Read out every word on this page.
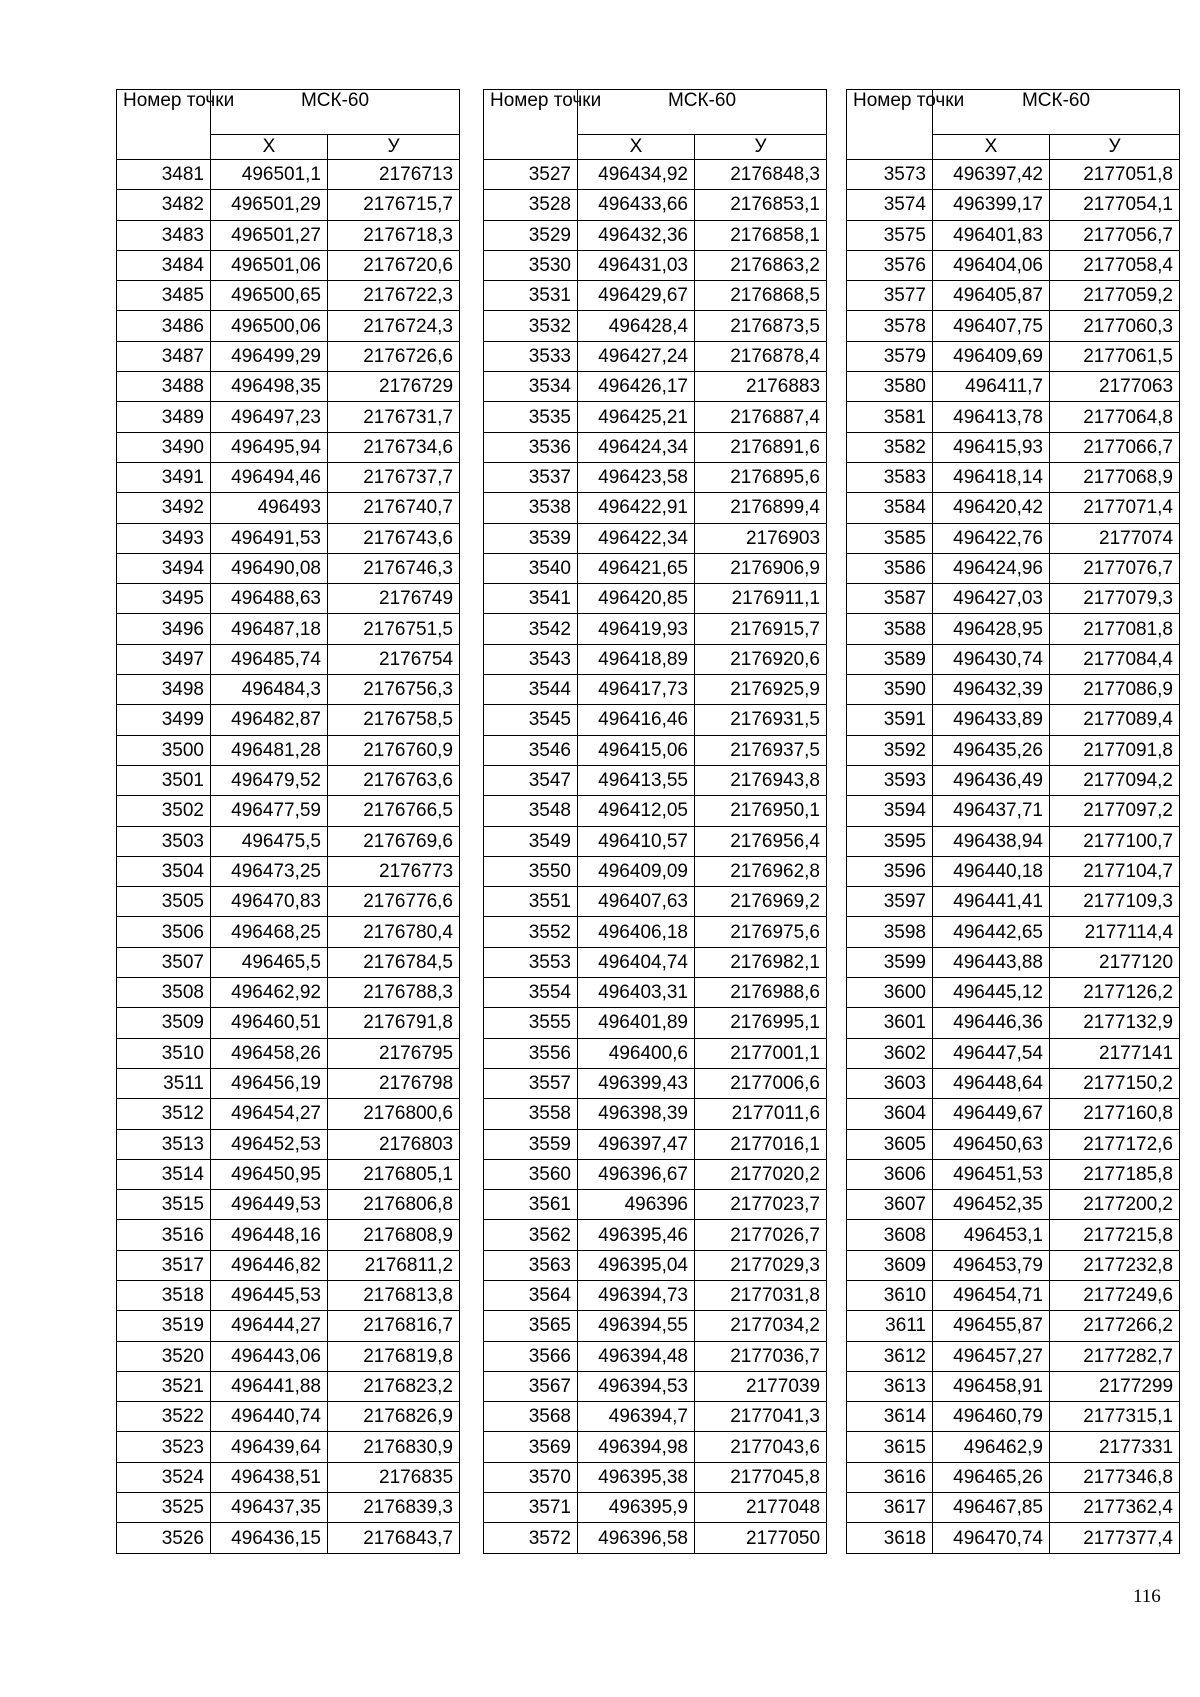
Номер точки	МСК-60	
	Х	У
3481	496501,1	2176713
3482	496501,29	2176715,7
3483	496501,27	2176718,3
3484	496501,06	2176720,6
3485	496500,65	2176722,3
3486	496500,06	2176724,3
3487	496499,29	2176726,6
3488	496498,35	2176729
3489	496497,23	2176731,7
3490	496495,94	2176734,6
3491	496494,46	2176737,7
3492	496493	2176740,7
3493	496491,53	2176743,6
3494	496490,08	2176746,3
3495	496488,63	2176749
3496	496487,18	2176751,5
3497	496485,74	2176754
3498	496484,3	2176756,3
3499	496482,87	2176758,5
3500	496481,28	2176760,9
3501	496479,52	2176763,6
3502	496477,59	2176766,5
3503	496475,5	2176769,6
3504	496473,25	2176773
3505	496470,83	2176776,6
3506	496468,25	2176780,4
3507	496465,5	2176784,5
3508	496462,92	2176788,3
3509	496460,51	2176791,8
3510	496458,26	2176795
3511	496456,19	2176798
3512	496454,27	2176800,6
3513	496452,53	2176803
3514	496450,95	2176805,1
3515	496449,53	2176806,8
3516	496448,16	2176808,9
3517	496446,82	2176811,2
3518	496445,53	2176813,8
3519	496444,27	2176816,7
3520	496443,06	2176819,8
3521	496441,88	2176823,2
3522	496440,74	2176826,9
3523	496439,64	2176830,9
3524	496438,51	2176835
3525	496437,35	2176839,3
3526	496436,15	2176843,7
Номер точки	МСК-60	
	Х	У
3527	496434,92	2176848,3
3528	496433,66	2176853,1
3529	496432,36	2176858,1
3530	496431,03	2176863,2
3531	496429,67	2176868,5
3532	496428,4	2176873,5
3533	496427,24	2176878,4
3534	496426,17	2176883
3535	496425,21	2176887,4
3536	496424,34	2176891,6
3537	496423,58	2176895,6
3538	496422,91	2176899,4
3539	496422,34	2176903
3540	496421,65	2176906,9
3541	496420,85	2176911,1
3542	496419,93	2176915,7
3543	496418,89	2176920,6
3544	496417,73	2176925,9
3545	496416,46	2176931,5
3546	496415,06	2176937,5
3547	496413,55	2176943,8
3548	496412,05	2176950,1
3549	496410,57	2176956,4
3550	496409,09	2176962,8
3551	496407,63	2176969,2
3552	496406,18	2176975,6
3553	496404,74	2176982,1
3554	496403,31	2176988,6
3555	496401,89	2176995,1
3556	496400,6	2177001,1
3557	496399,43	2177006,6
3558	496398,39	2177011,6
3559	496397,47	2177016,1
3560	496396,67	2177020,2
3561	496396	2177023,7
3562	496395,46	2177026,7
3563	496395,04	2177029,3
3564	496394,73	2177031,8
3565	496394,55	2177034,2
3566	496394,48	2177036,7
3567	496394,53	2177039
3568	496394,7	2177041,3
3569	496394,98	2177043,6
3570	496395,38	2177045,8
3571	496395,9	2177048
3572	496396,58	2177050
Номер точки	МСК-60	
	Х	У
3573	496397,42	2177051,8
3574	496399,17	2177054,1
3575	496401,83	2177056,7
3576	496404,06	2177058,4
3577	496405,87	2177059,2
3578	496407,75	2177060,3
3579	496409,69	2177061,5
3580	496411,7	2177063
3581	496413,78	2177064,8
3582	496415,93	2177066,7
3583	496418,14	2177068,9
3584	496420,42	2177071,4
3585	496422,76	2177074
3586	496424,96	2177076,7
3587	496427,03	2177079,3
3588	496428,95	2177081,8
3589	496430,74	2177084,4
3590	496432,39	2177086,9
3591	496433,89	2177089,4
3592	496435,26	2177091,8
3593	496436,49	2177094,2
3594	496437,71	2177097,2
3595	496438,94	2177100,7
3596	496440,18	2177104,7
3597	496441,41	2177109,3
3598	496442,65	2177114,4
3599	496443,88	2177120
3600	496445,12	2177126,2
3601	496446,36	2177132,9
3602	496447,54	2177141
3603	496448,64	2177150,2
3604	496449,67	2177160,8
3605	496450,63	2177172,6
3606	496451,53	2177185,8
3607	496452,35	2177200,2
3608	496453,1	2177215,8
3609	496453,79	2177232,8
3610	496454,71	2177249,6
3611	496455,87	2177266,2
3612	496457,27	2177282,7
3613	496458,91	2177299
3614	496460,79	2177315,1
3615	496462,9	2177331
3616	496465,26	2177346,8
3617	496467,85	2177362,4
3618	496470,74	2177377,4
116
